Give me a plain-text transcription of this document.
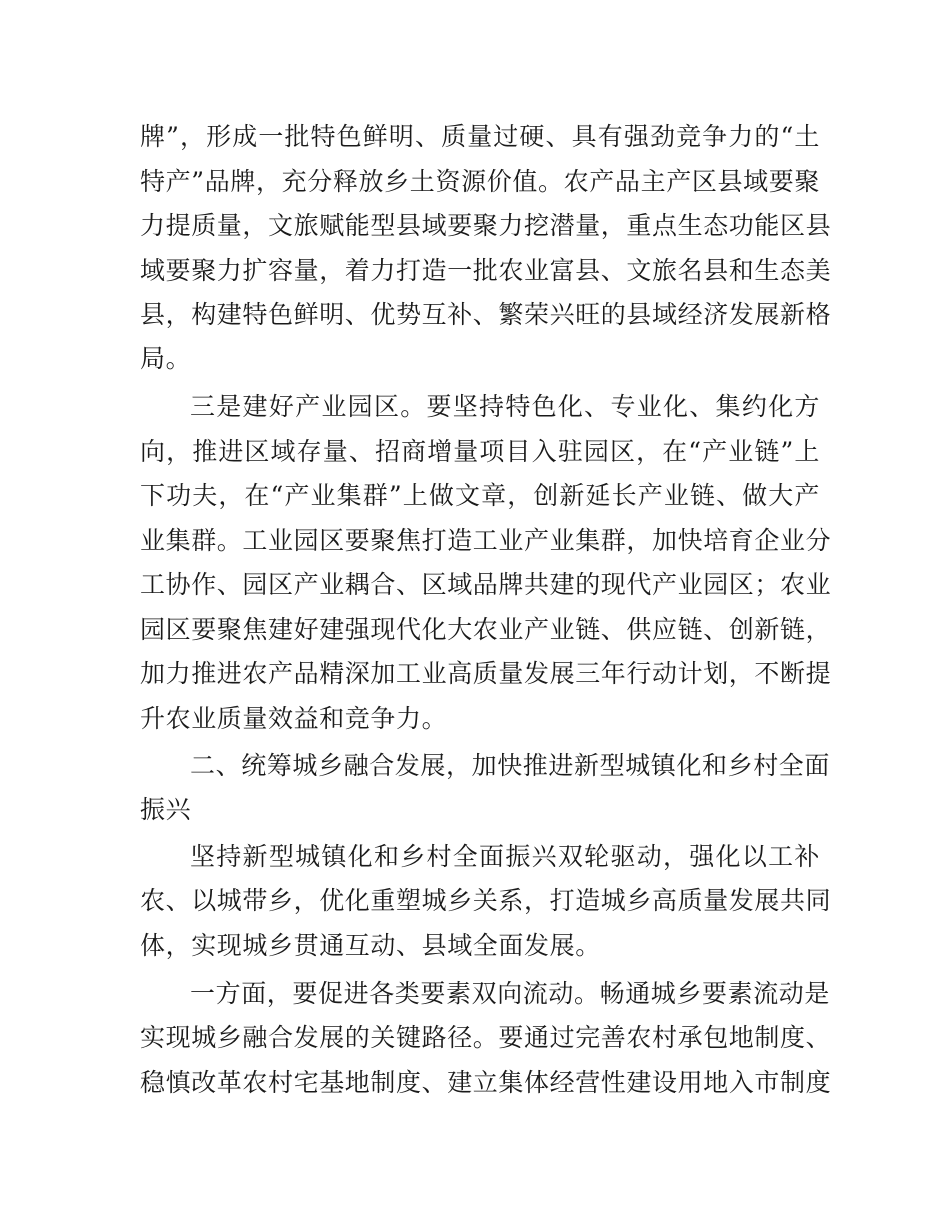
牌”，形成一批特色鲜明、质量过硬、具有强劲竞争力的“土
特产”品牌，充分释放乡土资源价值。农产品主产区县域要聚
力提质量，文旅赋能型县域要聚力挖潜量，重点生态功能区县
域要聚力扩容量，着力打造一批农业富县、文旅名县和生态美
县，构建特色鲜明、优势互补、繁荣兴旺的县域经济发展新格
局。
三是建好产业园区。要坚持特色化、专业化、集约化方
向，推进区域存量、招商增量项目入驻园区，在“产业链”上
下功夫，在“产业集群”上做文章，创新延长产业链、做大产
业集群。工业园区要聚焦打造工业产业集群，加快培育企业分
工协作、园区产业耦合、区域品牌共建的现代产业园区；农业
园区要聚焦建好建强现代化大农业产业链、供应链、创新链，
加力推进农产品精深加工业高质量发展三年行动计划，不断提
升农业质量效益和竞争力。
二、统筹城乡融合发展，加快推进新型城镇化和乡村全面
振兴
坚持新型城镇化和乡村全面振兴双轮驱动，强化以工补
农、以城带乡，优化重塑城乡关系，打造城乡高质量发展共同
体，实现城乡贯通互动、县域全面发展。
一方面，要促进各类要素双向流动。畅通城乡要素流动是
实现城乡融合发展的关键路径。要通过完善农村承包地制度、
稳慎改革农村宅基地制度、建立集体经营性建设用地入市制度
